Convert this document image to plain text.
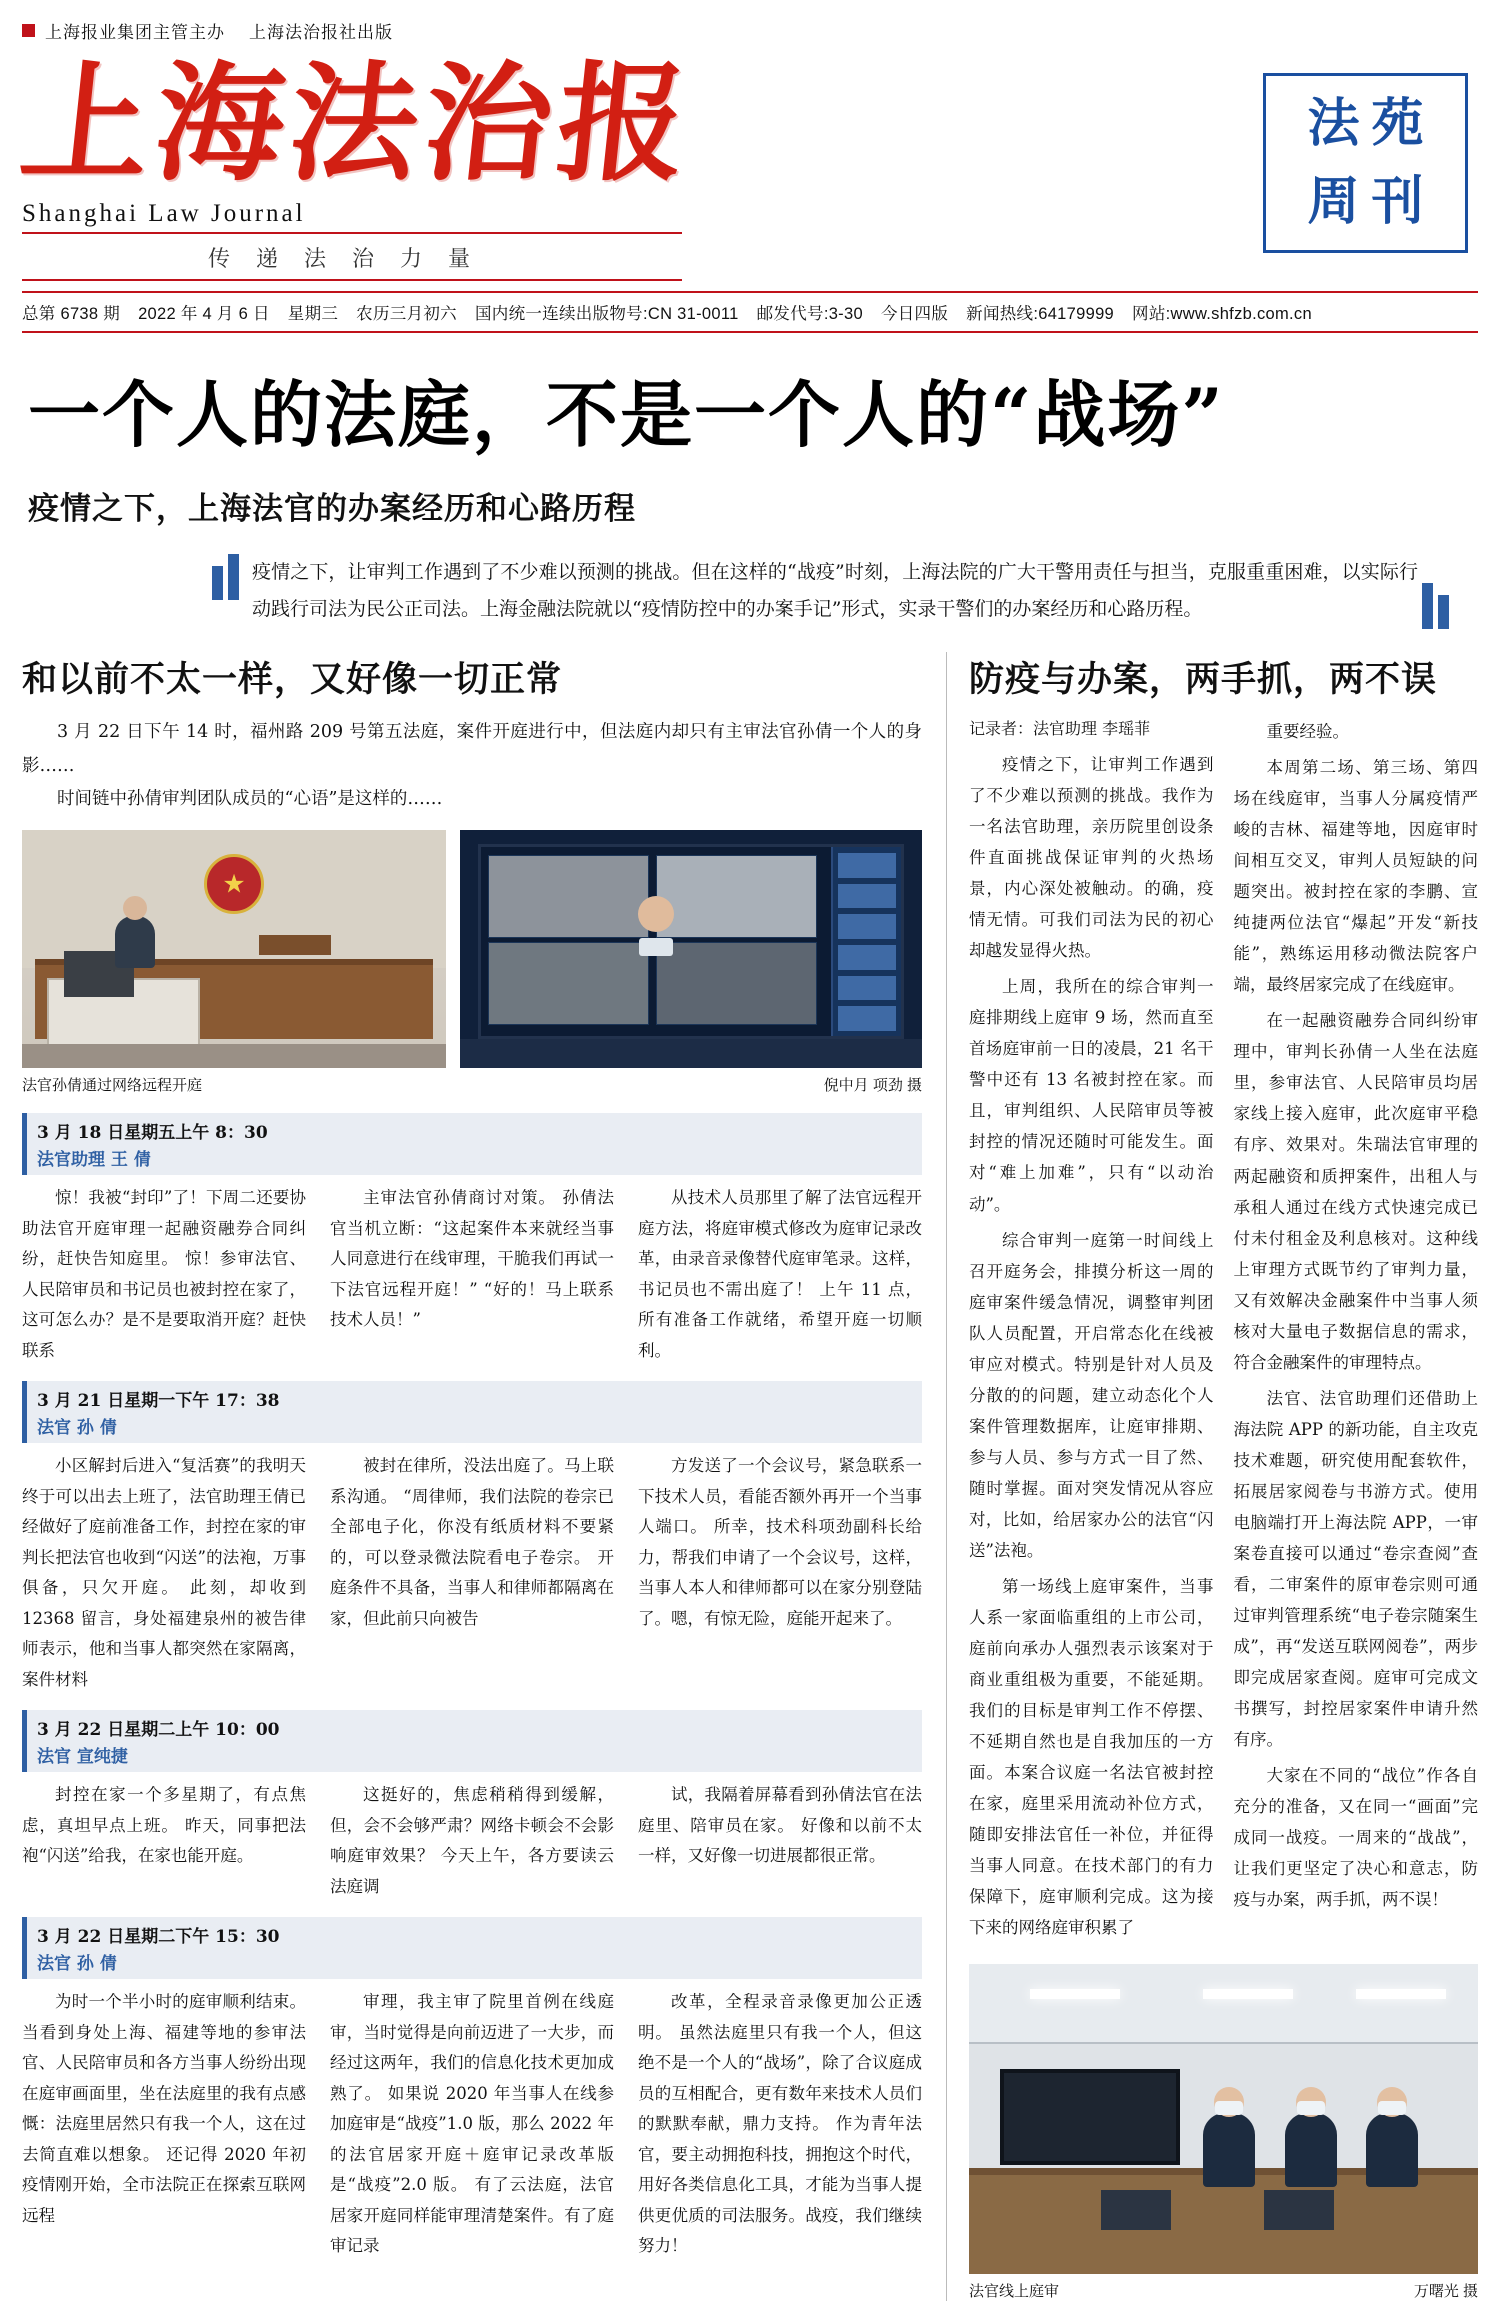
上海报业集团主管主办 上海法治报社出版
上海法治报
Shanghai Law Journal
传递法治力量
法苑
周刊
总第 6738 期 2022 年 4 月 6 日 星期三 农历三月初六 国内统一连续出版物号:CN 31-0011 邮发代号:3-30 今日四版 新闻热线:64179999 网站:www.shfzb.com.cn
一个人的法庭，不是一个人的“战场”
疫情之下，上海法官的办案经历和心路历程
疫情之下，让审判工作遇到了不少难以预测的挑战。但在这样的“战疫”时刻，上海法院的广大干警用责任与担当，克服重重困难，以实际行动践行司法为民公正司法。上海金融法院就以“疫情防控中的办案手记”形式，实录干警们的办案经历和心路历程。
和以前不太一样，又好像一切正常
3 月 22 日下午 14 时，福州路 209 号第五法庭，案件开庭进行中，但法庭内却只有主审法官孙倩一个人的身影……
时间链中孙倩审判团队成员的“心语”是这样的……
★
法官孙倩通过网络远程开庭	倪中月 项劲 摄
3 月 18 日星期五上午 8：30
法官助理 王 倩

惊！我被“封印”了！下周二还要协助法官开庭审理一起融资融券合同纠纷，赶快告知庭里。 惊！参审法官、人民陪审员和书记员也被封控在家了，这可怎么办？是不是要取消开庭？赶快联系

主审法官孙倩商讨对策。 孙倩法官当机立断：“这起案件本来就经当事人同意进行在线审理，干脆我们再试一下法官远程开庭！” “好的！马上联系技术人员！”

从技术人员那里了解了法官远程开庭方法，将庭审模式修改为庭审记录改革，由录音录像替代庭审笔录。这样，书记员也不需出庭了！ 上午 11 点，所有准备工作就绪，希望开庭一切顺利。

3 月 21 日星期一下午 17：38
法官 孙 倩

小区解封后进入“复活赛”的我明天终于可以出去上班了，法官助理王倩已经做好了庭前准备工作，封控在家的审判长把法官也收到“闪送”的法袍，万事俱备，只欠开庭。 此刻，却收到 12368 留言，身处福建泉州的被告律师表示，他和当事人都突然在家隔离，案件材料

被封在律所，没法出庭了。马上联系沟通。 “周律师，我们法院的卷宗已全部电子化，你没有纸质材料不要紧的，可以登录微法院看电子卷宗。 开庭条件不具备，当事人和律师都隔离在家，但此前只向被告

方发送了一个会议号，紧急联系一下技术人员，看能否额外再开一个当事人端口。 所幸，技术科项劲副科长给力，帮我们申请了一个会议号，这样，当事人本人和律师都可以在家分别登陆了。嗯，有惊无险，庭能开起来了。

3 月 22 日星期二上午 10：00
法官 宣纯捷

封控在家一个多星期了，有点焦虑，真坦早点上班。 昨天，同事把法袍“闪送”给我，在家也能开庭。

这挺好的，焦虑稍稍得到缓解，但，会不会够严肃？网络卡顿会不会影响庭审效果？ 今天上午，各方要读云法庭调

试，我隔着屏幕看到孙倩法官在法庭里、陪审员在家。 好像和以前不太一样，又好像一切进展都很正常。

3 月 22 日星期二下午 15：30
法官 孙 倩

为时一个半小时的庭审顺利结束。 当看到身处上海、福建等地的参审法官、人民陪审员和各方当事人纷纷出现在庭审画面里，坐在法庭里的我有点感慨：法庭里居然只有我一个人，这在过去简直难以想象。 还记得 2020 年初疫情刚开始，全市法院正在探索互联网远程

审理，我主审了院里首例在线庭审，当时觉得是向前迈进了一大步，而经过这两年，我们的信息化技术更加成熟了。 如果说 2020 年当事人在线参加庭审是“战疫”1.0 版，那么 2022 年的法官居家开庭＋庭审记录改革版是“战疫”2.0 版。 有了云法庭，法官居家开庭同样能审理清楚案件。有了庭审记录

改革，全程录音录像更加公正透明。 虽然法庭里只有我一个人，但这绝不是一个人的“战场”，除了合议庭成员的互相配合，更有数年来技术人员们的默默奉献，鼎力支持。 作为青年法官，要主动拥抱科技，拥抱这个时代，用好各类信息化工具，才能为当事人提供更优质的司法服务。战疫，我们继续努力！

防疫与办案，两手抓，两不误
记录者：法官助理 李瑶菲

疫情之下，让审判工作遇到了不少难以预测的挑战。我作为一名法官助理，亲历院里创设条件直面挑战保证审判的火热场景，内心深处被触动。的确，疫情无情。可我们司法为民的初心却越发显得火热。

上周，我所在的综合审判一庭排期线上庭审 9 场，然而直至首场庭审前一日的凌晨，21 名干警中还有 13 名被封控在家。而且，审判组织、人民陪审员等被封控的情况还随时可能发生。面对“难上加难”，只有“以动治动”。

综合审判一庭第一时间线上召开庭务会，排摸分析这一周的庭审案件缓急情况，调整审判团队人员配置，开启常态化在线被审应对模式。特别是针对人员及分散的的问题，建立动态化个人案件管理数据库，让庭审排期、参与人员、参与方式一目了然、随时掌握。面对突发情况从容应对，比如，给居家办公的法官“闪送”法袍。

第一场线上庭审案件，当事人系一家面临重组的上市公司，庭前向承办人强烈表示该案对于商业重组极为重要，不能延期。我们的目标是审判工作不停摆、不延期自然也是自我加压的一方面。本案合议庭一名法官被封控在家，庭里采用流动补位方式，随即安排法官任一补位，并征得当事人同意。在技术部门的有力保障下，庭审顺利完成。这为接下来的网络庭审积累了

重要经验。

本周第二场、第三场、第四场在线庭审，当事人分属疫情严峻的吉林、福建等地，因庭审时间相互交叉，审判人员短缺的问题突出。被封控在家的李鹏、宣纯捷两位法官“爆起”开发“新技能”，熟练运用移动微法院客户端，最终居家完成了在线庭审。

在一起融资融券合同纠纷审理中，审判长孙倩一人坐在法庭里，参审法官、人民陪审员均居家线上接入庭审，此次庭审平稳有序、效果对。朱瑞法官审理的两起融资和质押案件，出租人与承租人通过在线方式快速完成已付未付租金及利息核对。这种线上审理方式既节约了审判力量，又有效解决金融案件中当事人须核对大量电子数据信息的需求，符合金融案件的审理特点。

法官、法官助理们还借助上海法院 APP 的新功能，自主攻克技术难题，研究使用配套软件，拓展居家阅卷与书游方式。使用电脑端打开上海法院 APP，一审案卷直接可以通过“卷宗查阅”查看，二审案件的原审卷宗则可通过审判管理系统“电子卷宗随案生成”，再“发送互联网阅卷”，两步即完成居家查阅。庭审可完成文书撰写，封控居家案件申请升然有序。

大家在不同的“战位”作各自充分的准备，又在同一“画面”完成同一战疫。一周来的“战战”，让我们更坚定了决心和意志，防疫与办案，两手抓，两不误！

法官线上庭审	万曙光 摄
